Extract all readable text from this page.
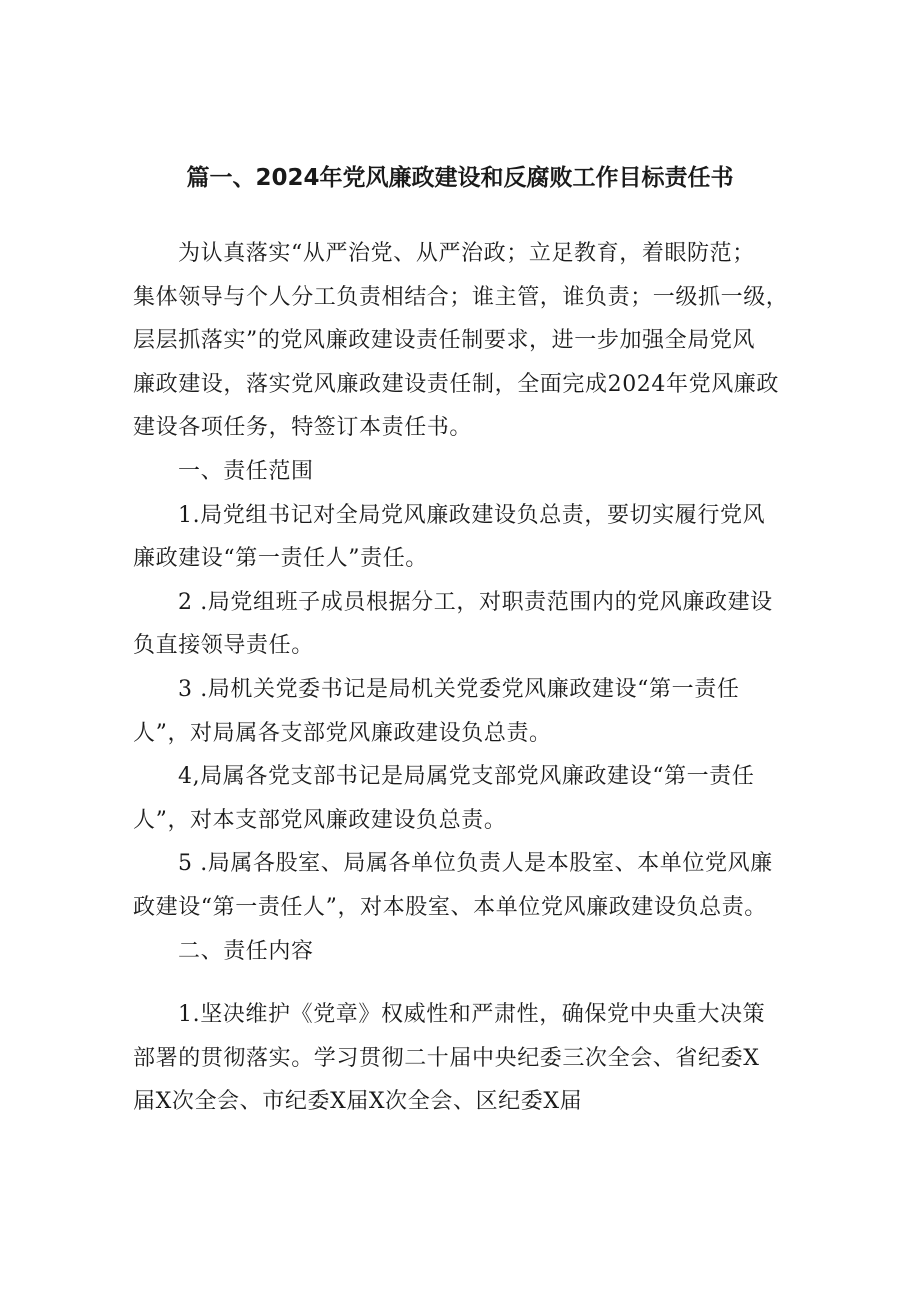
篇一、2024年党风廉政建设和反腐败工作目标责任书
为认真落实“从严治党、从严治政；立足教育，着眼防范；
集体领导与个人分工负责相结合；谁主管，谁负责；一级抓一级，
层层抓落实”的党风廉政建设责任制要求，进一步加强全局党风
廉政建设，落实党风廉政建设责任制，全面完成2024年党风廉政
建设各项任务，特签订本责任书。
一、责任范围
1.局党组书记对全局党风廉政建设负总责，要切实履行党风
廉政建设“第一责任人”责任。
2 .局党组班子成员根据分工，对职责范围内的党风廉政建设
负直接领导责任。
3 .局机关党委书记是局机关党委党风廉政建设“第一责任
人”，对局属各支部党风廉政建设负总责。
4,局属各党支部书记是局属党支部党风廉政建设“第一责任
人”，对本支部党风廉政建设负总责。
5 .局属各股室、局属各单位负责人是本股室、本单位党风廉
政建设“第一责任人”，对本股室、本单位党风廉政建设负总责。
二、责任内容
1.坚决维护《党章》权威性和严肃性，确保党中央重大决策
部署的贯彻落实。学习贯彻二十届中央纪委三次全会、省纪委X
届X次全会、市纪委X届X次全会、区纪委X届
